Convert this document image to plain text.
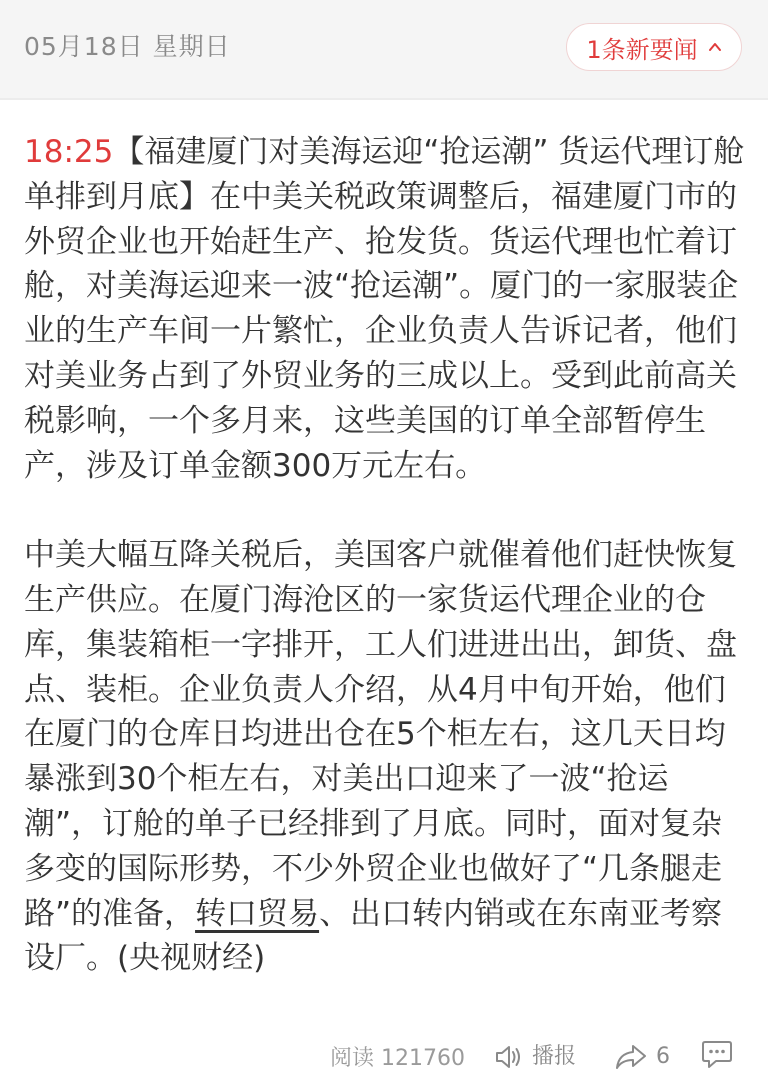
05月18日 星期日	1条新要闻

18:25【福建厦门对美海运迎“抢运潮” 货运代理订舱单排到月底】在中美关税政策调整后，福建厦门市的外贸企业也开始赶生产、抢发货。货运代理也忙着订舱，对美海运迎来一波“抢运潮”。厦门的一家服装企业的生产车间一片繁忙，企业负责人告诉记者，他们对美业务占到了外贸业务的三成以上。受到此前高关税影响，一个多月来，这些美国的订单全部暂停生产，涉及订单金额300万元左右。

中美大幅互降关税后，美国客户就催着他们赶快恢复生产供应。在厦门海沧区的一家货运代理企业的仓库，集装箱柜一字排开，工人们进进出出，卸货、盘点、装柜。企业负责人介绍，从4月中旬开始，他们在厦门的仓库日均进出仓在5个柜左右，这几天日均暴涨到30个柜左右，对美出口迎来了一波“抢运潮”，订舱的单子已经排到了月底。同时，面对复杂多变的国际形势，不少外贸企业也做好了“几条腿走路”的准备，转口贸易、出口转内销或在东南亚考察设厂。(央视财经)

阅读 121760	播报	6
